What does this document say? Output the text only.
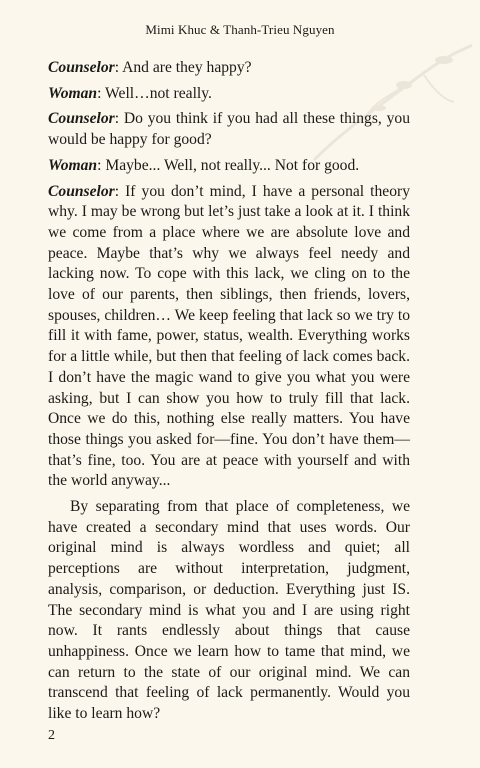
Mimi Khuc & Thanh-Trieu Nguyen

Counselor: And are they happy?

Woman: Well…not really.

Counselor: Do you think if you had all these things, you would be happy for good?

Woman: Maybe... Well, not really... Not for good.

Counselor: If you don’t mind, I have a personal theory why. I may be wrong but let’s just take a look at it. I think we come from a place where we are absolute love and peace. Maybe that’s why we always feel needy and lacking now. To cope with this lack, we cling on to the love of our parents, then siblings, then friends, lovers, spouses, children… We keep feeling that lack so we try to fill it with fame, power, status, wealth. Everything works for a little while, but then that feeling of lack comes back. I don’t have the magic wand to give you what you were asking, but I can show you how to truly fill that lack. Once we do this, nothing else really matters. You have those things you asked for—fine. You don’t have them—that’s fine, too. You are at peace with yourself and with the world anyway...

By separating from that place of completeness, we have created a secondary mind that uses words. Our original mind is always wordless and quiet; all perceptions are without interpretation, judgment, analysis, comparison, or deduction. Everything just IS. The secondary mind is what you and I are using right now. It rants endlessly about things that cause unhappiness. Once we learn how to tame that mind, we can return to the state of our original mind. We can transcend that feeling of lack permanently. Would you like to learn how?

2
